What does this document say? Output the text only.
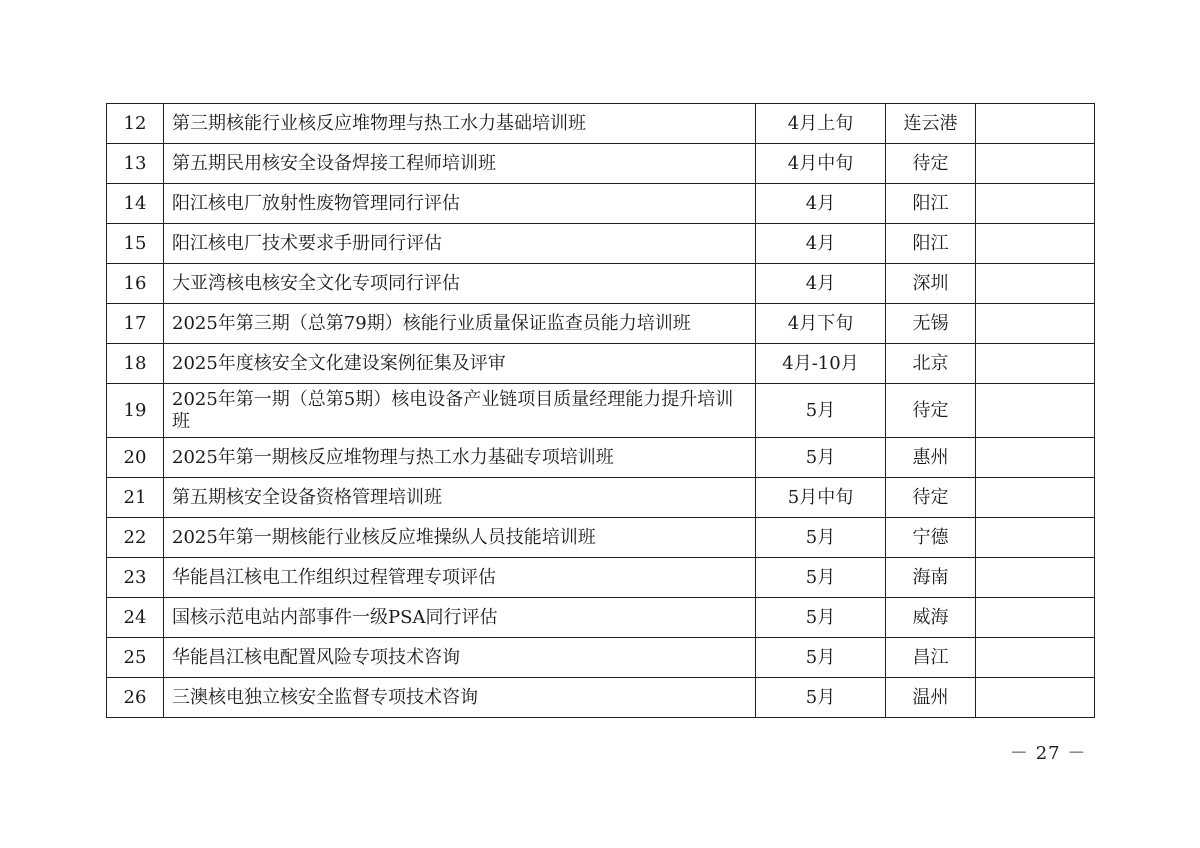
12	第三期核能行业核反应堆物理与热工水力基础培训班	4月上旬	连云港	
13	第五期民用核安全设备焊接工程师培训班	4月中旬	待定	
14	阳江核电厂放射性废物管理同行评估	4月	阳江	
15	阳江核电厂技术要求手册同行评估	4月	阳江	
16	大亚湾核电核安全文化专项同行评估	4月	深圳	
17	2025年第三期（总第79期）核能行业质量保证监查员能力培训班	4月下旬	无锡	
18	2025年度核安全文化建设案例征集及评审	4月-10月	北京	
19	2025年第一期（总第5期）核电设备产业链项目质量经理能力提升培训班	5月	待定	
20	2025年第一期核反应堆物理与热工水力基础专项培训班	5月	惠州	
21	第五期核安全设备资格管理培训班	5月中旬	待定	
22	2025年第一期核能行业核反应堆操纵人员技能培训班	5月	宁德	
23	华能昌江核电工作组织过程管理专项评估	5月	海南	
24	国核示范电站内部事件一级PSA同行评估	5月	威海	
25	华能昌江核电配置风险专项技术咨询	5月	昌江	
26	三澳核电独立核安全监督专项技术咨询	5月	温州	
－ 27 －
